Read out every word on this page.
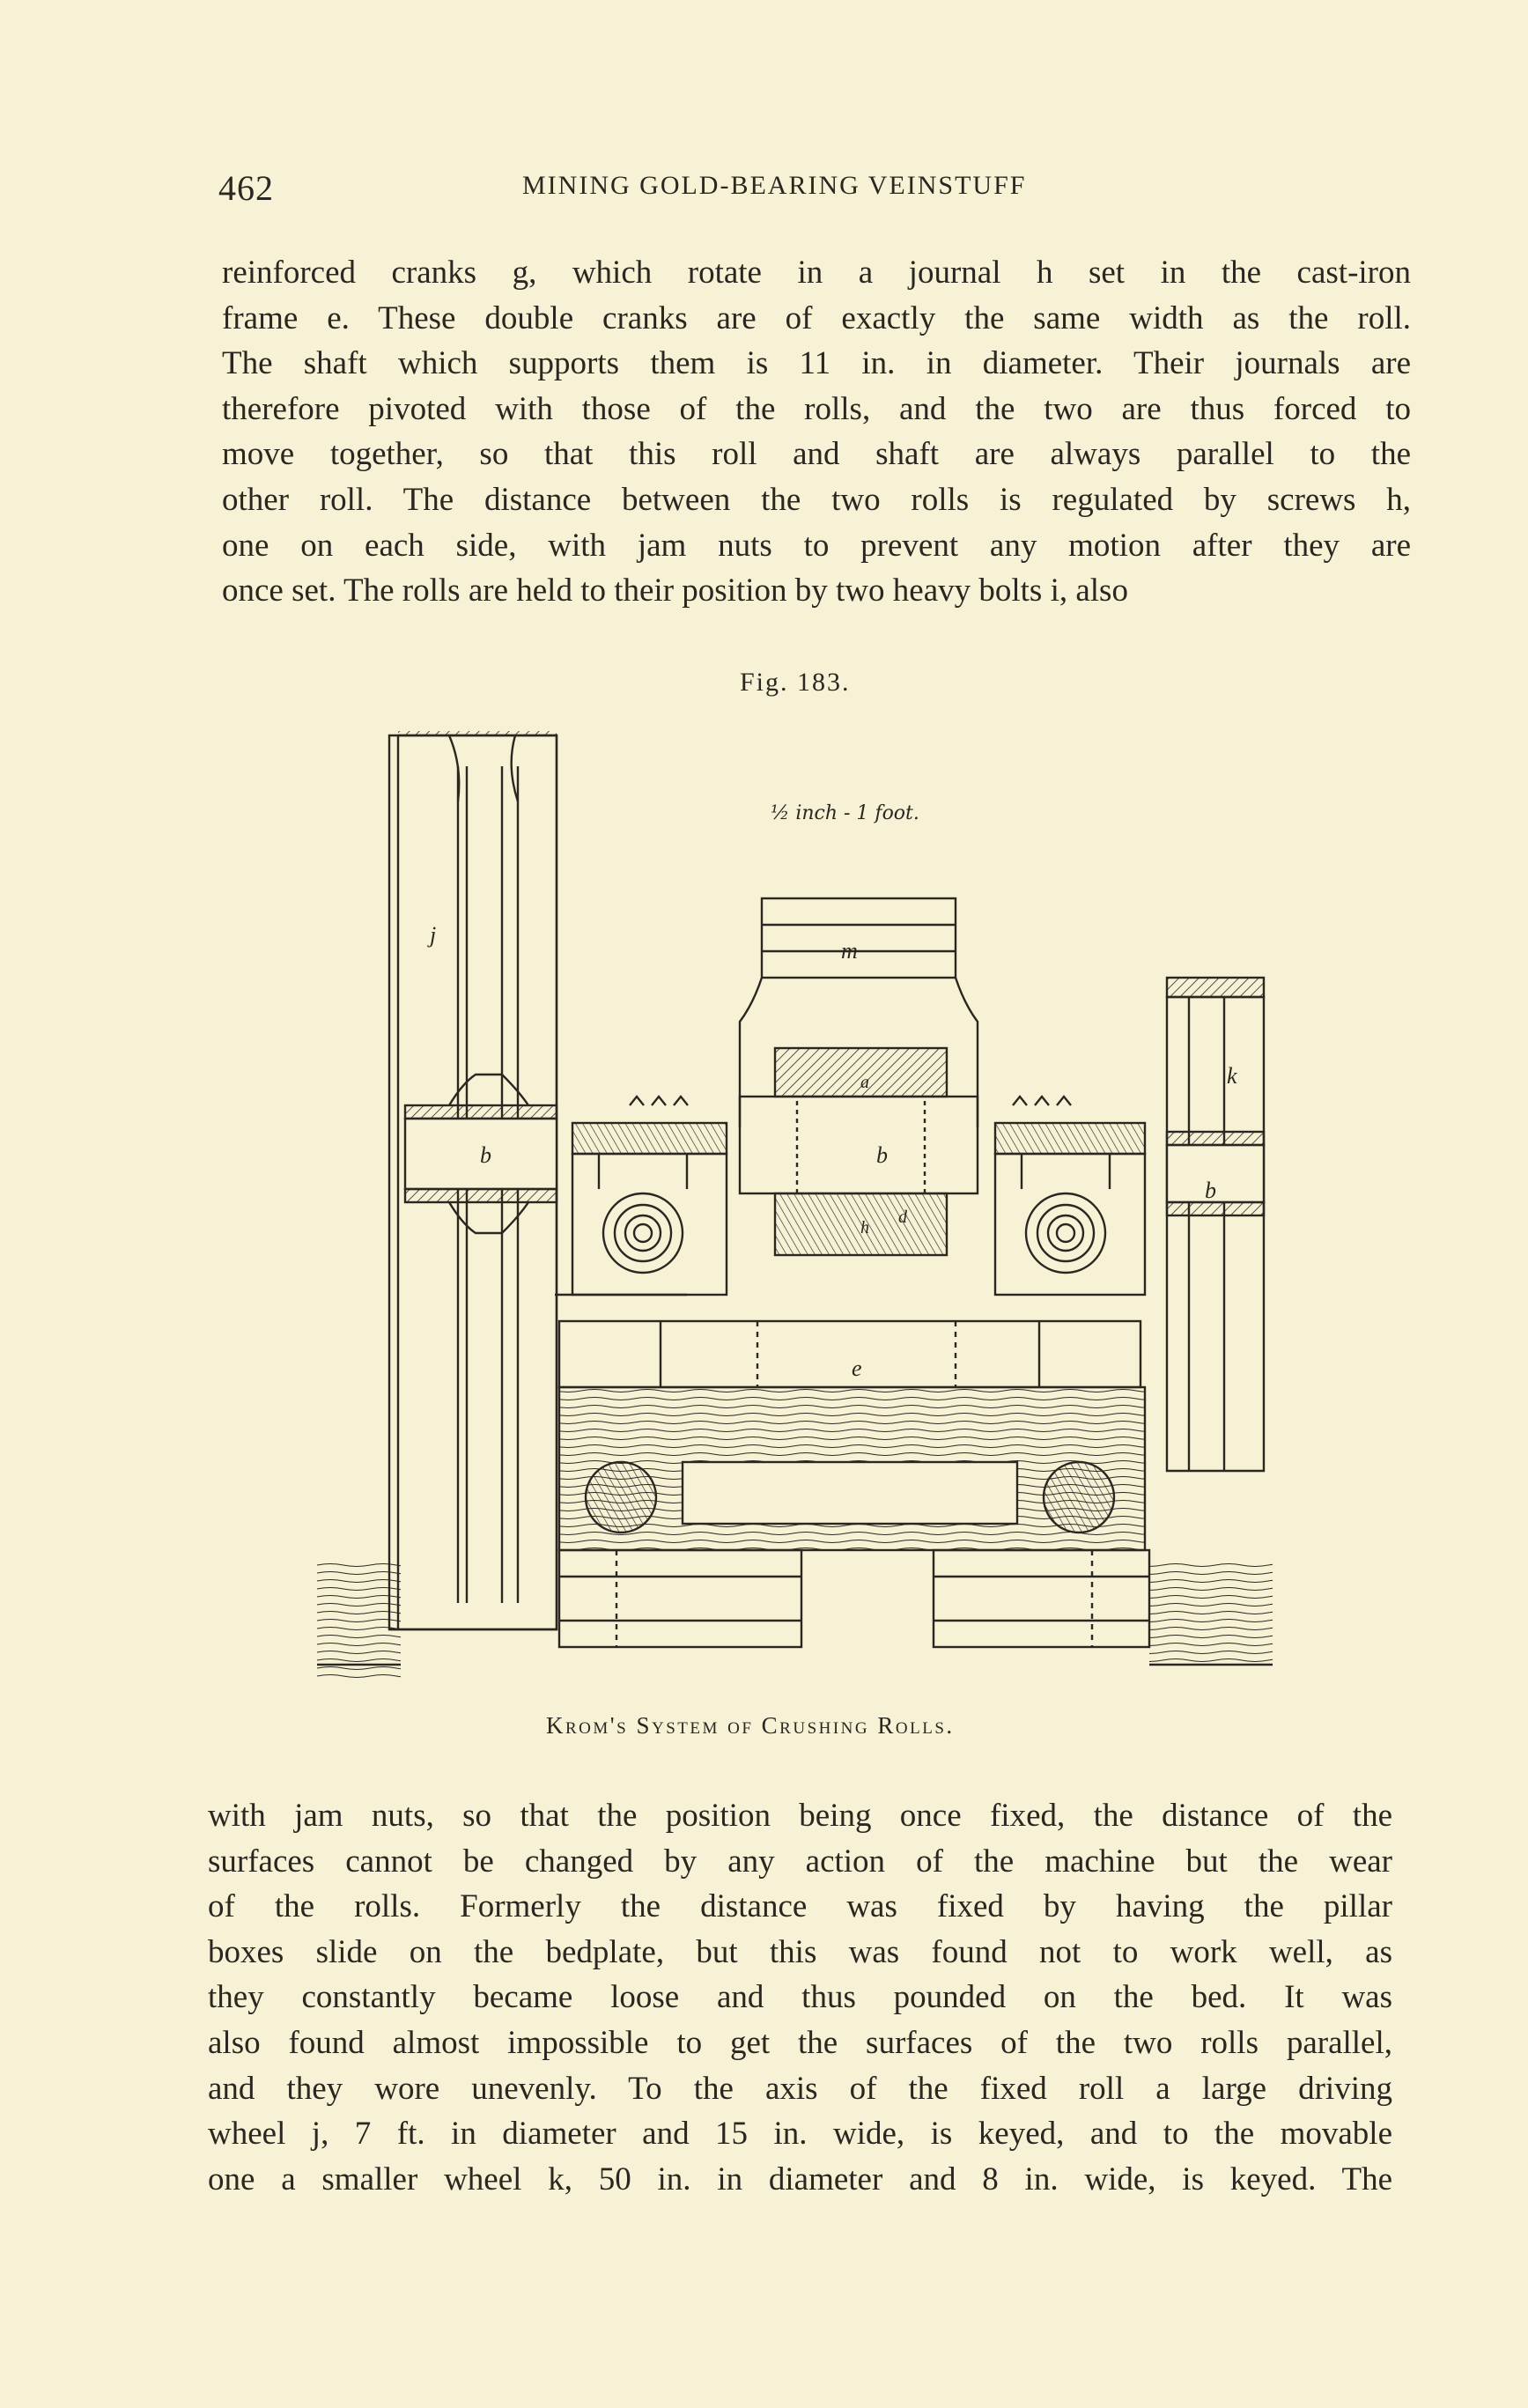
462	MINING GOLD-BEARING VEINSTUFF
reinforced cranks g, which rotate in a journal h set in the cast-iron
frame e. These double cranks are of exactly the same width as the roll.
The shaft which supports them is 11 in. in diameter. Their journals are
therefore pivoted with those of the rolls, and the two are thus forced to
move together, so that this roll and shaft are always parallel to the
other roll. The distance between the two rolls is regulated by screws h,
one on each side, with jam nuts to prevent any motion after they are
once set. The rolls are held to their position by two heavy bolts i, also
Fig. 183.
j
k
m
b	b
b
e
a
h
d
½ inch - 1 foot.
Krom's System of Crushing Rolls.
with jam nuts, so that the position being once fixed, the distance of the
surfaces cannot be changed by any action of the machine but the wear
of the rolls. Formerly the distance was fixed by having the pillar
boxes slide on the bedplate, but this was found not to work well, as
they constantly became loose and thus pounded on the bed. It was
also found almost impossible to get the surfaces of the two rolls parallel,
and they wore unevenly. To the axis of the fixed roll a large driving
wheel j, 7 ft. in diameter and 15 in. wide, is keyed, and to the movable
one a smaller wheel k, 50 in. in diameter and 8 in. wide, is keyed. The
